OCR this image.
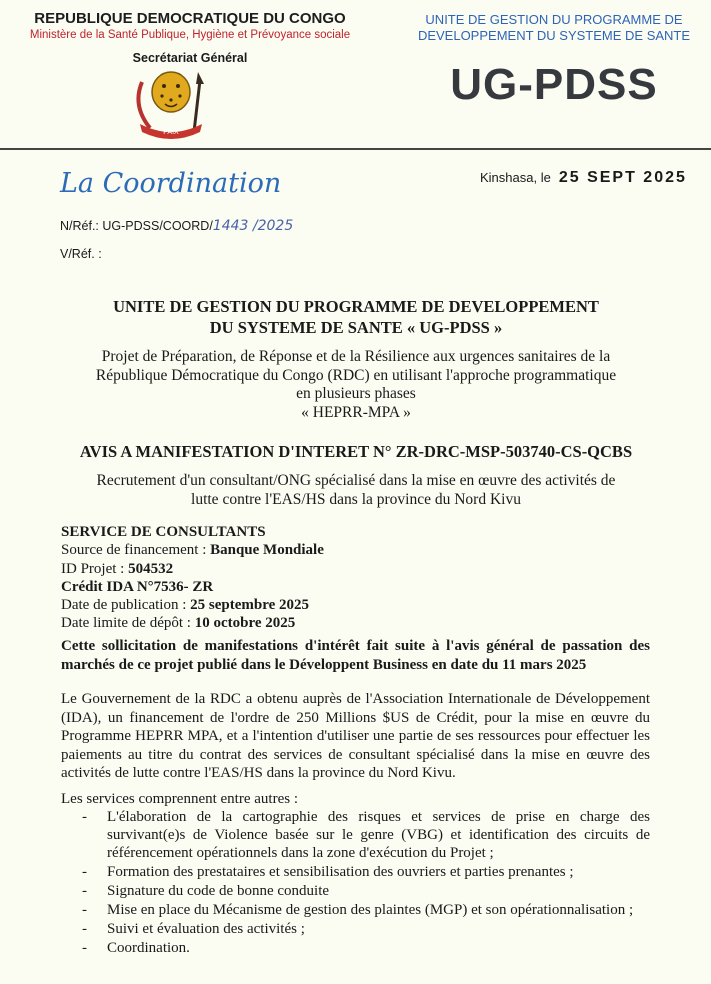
REPUBLIQUE DEMOCRATIQUE DU CONGO
Ministère de la Santé Publique, Hygiène et Prévoyance sociale
Secrétariat Général
PAIX
UNITE DE GESTION DU PROGRAMME DE
DEVELOPPEMENT DU SYSTEME DE SANTE
UG-PDSS
La Coordination	Kinshasa, le 25 SEPT 2025
N/Réf.: UG-PDSS/COORD/1443 /2025
V/Réf. :
UNITE DE GESTION DU PROGRAMME DE DEVELOPPEMENT
DU SYSTEME DE SANTE « UG-PDSS »
Projet de Préparation, de Réponse et de la Résilience aux urgences sanitaires de la
République Démocratique du Congo (RDC) en utilisant l'approche programmatique
en plusieurs phases
« HEPRR-MPA »
AVIS A MANIFESTATION D'INTERET N° ZR-DRC-MSP-503740-CS-QCBS
Recrutement d'un consultant/ONG spécialisé dans la mise en œuvre des activités de
lutte contre l'EAS/HS dans la province du Nord Kivu
SERVICE DE CONSULTANTS
Source de financement : Banque Mondiale
ID Projet : 504532
Crédit IDA N°7536- ZR
Date de publication : 25 septembre 2025
Date limite de dépôt : 10 octobre 2025
Cette sollicitation de manifestations d'intérêt fait suite à l'avis général de passation des marchés de ce projet publié dans le Développent Business en date du 11 mars 2025
Le Gouvernement de la RDC a obtenu auprès de l'Association Internationale de Développement (IDA), un financement de l'ordre de 250 Millions $US de Crédit, pour la mise en œuvre du Programme HEPRR MPA, et a l'intention d'utiliser une partie de ses ressources pour effectuer les paiements au titre du contrat des services de consultant spécialisé dans la mise en œuvre des activités de lutte contre l'EAS/HS dans la province du Nord Kivu.
Les services comprennent entre autres :
- L'élaboration de la cartographie des risques et services de prise en charge des survivant(e)s de Violence basée sur le genre (VBG) et identification des circuits de référencement opérationnels dans la zone d'exécution du Projet ;
- Formation des prestataires et sensibilisation des ouvriers et parties prenantes ;
- Signature du code de bonne conduite
- Mise en place du Mécanisme de gestion des plaintes (MGP) et son opérationnalisation ;
- Suivi et évaluation des activités ;
- Coordination.
